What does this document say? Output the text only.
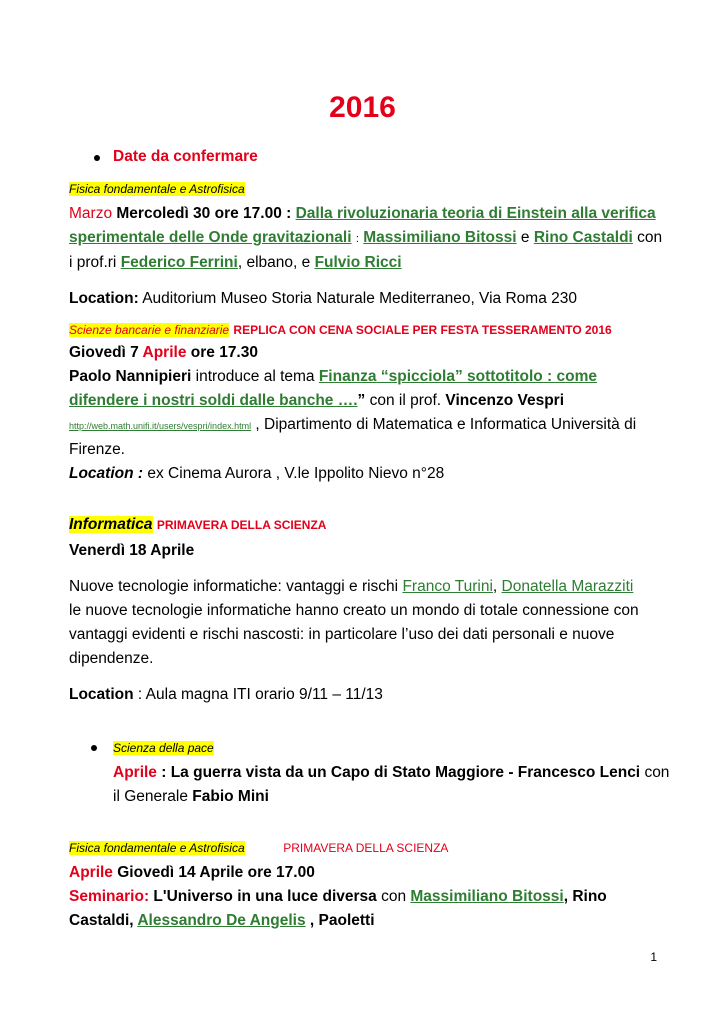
2016
Date da confermare
Fisica fondamentale e Astrofisica
Marzo Mercoledì 30 ore 17.00 : Dalla rivoluzionaria teoria di Einstein alla verifica sperimentale delle Onde gravitazionali : Massimiliano Bitossi e Rino Castaldi con i prof.ri Federico Ferrini, elbano, e Fulvio Ricci
Location: Auditorium Museo Storia Naturale Mediterraneo, Via Roma 230
Scienze bancarie e finanziarie REPLICA CON CENA SOCIALE PER FESTA TESSERAMENTO 2016
Giovedì 7 Aprile ore 17.30
Paolo Nannipieri introduce al tema Finanza “spicciola” sottotitolo : come difendere i nostri soldi dalle banche ….” con il prof. Vincenzo Vespri
http://web.math.unifi.it/users/vespri/index.html , Dipartimento di Matematica e Informatica Università di Firenze.
Location : ex Cinema Aurora , V.le Ippolito Nievo n°28
Informatica PRIMAVERA DELLA SCIENZA
Venerdì 18 Aprile
Nuove tecnologie informatiche: vantaggi e rischi Franco Turini, Donatella Marazziti
le nuove tecnologie informatiche hanno creato un mondo di totale connessione con vantaggi evidenti e rischi nascosti: in particolare l’uso dei dati personali e nuove dipendenze.
Location : Aula magna ITI orario 9/11 – 11/13
Scienza della pace
Aprile : La guerra vista da un Capo di Stato Maggiore - Francesco Lenci con
il Generale Fabio Mini
Fisica fondamentale e Astrofisica	PRIMAVERA DELLA SCIENZA
Aprile Giovedì 14 Aprile ore 17.00
Seminario: L'Universo in una luce diversa con Massimiliano Bitossi, Rino Castaldi, Alessandro De Angelis , Paoletti
1
